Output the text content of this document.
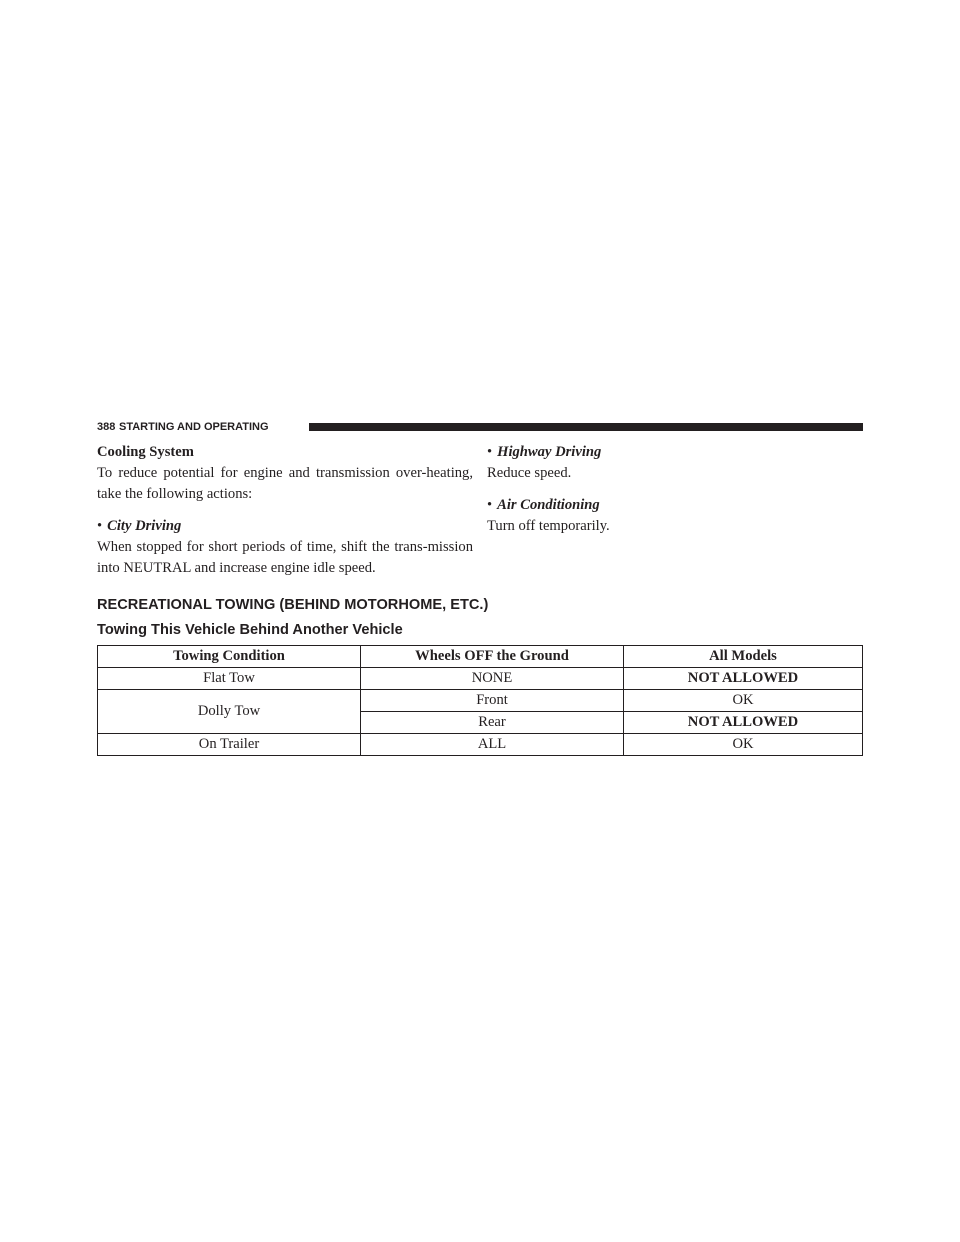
388 STARTING AND OPERATING

Cooling System

To reduce potential for engine and transmission over-heating, take the following actions:

• City Driving

When stopped for short periods of time, shift the trans-mission into NEUTRAL and increase engine idle speed.

• Highway Driving

Reduce speed.

• Air Conditioning

Turn off temporarily.

RECREATIONAL TOWING (BEHIND MOTORHOME, ETC.)
Towing This Vehicle Behind Another Vehicle
Towing Condition	Wheels OFF the Ground	All Models
Flat Tow	NONE	NOT ALLOWED
Dolly Tow	Front	OK
	Rear	NOT ALLOWED
On Trailer	ALL	OK
